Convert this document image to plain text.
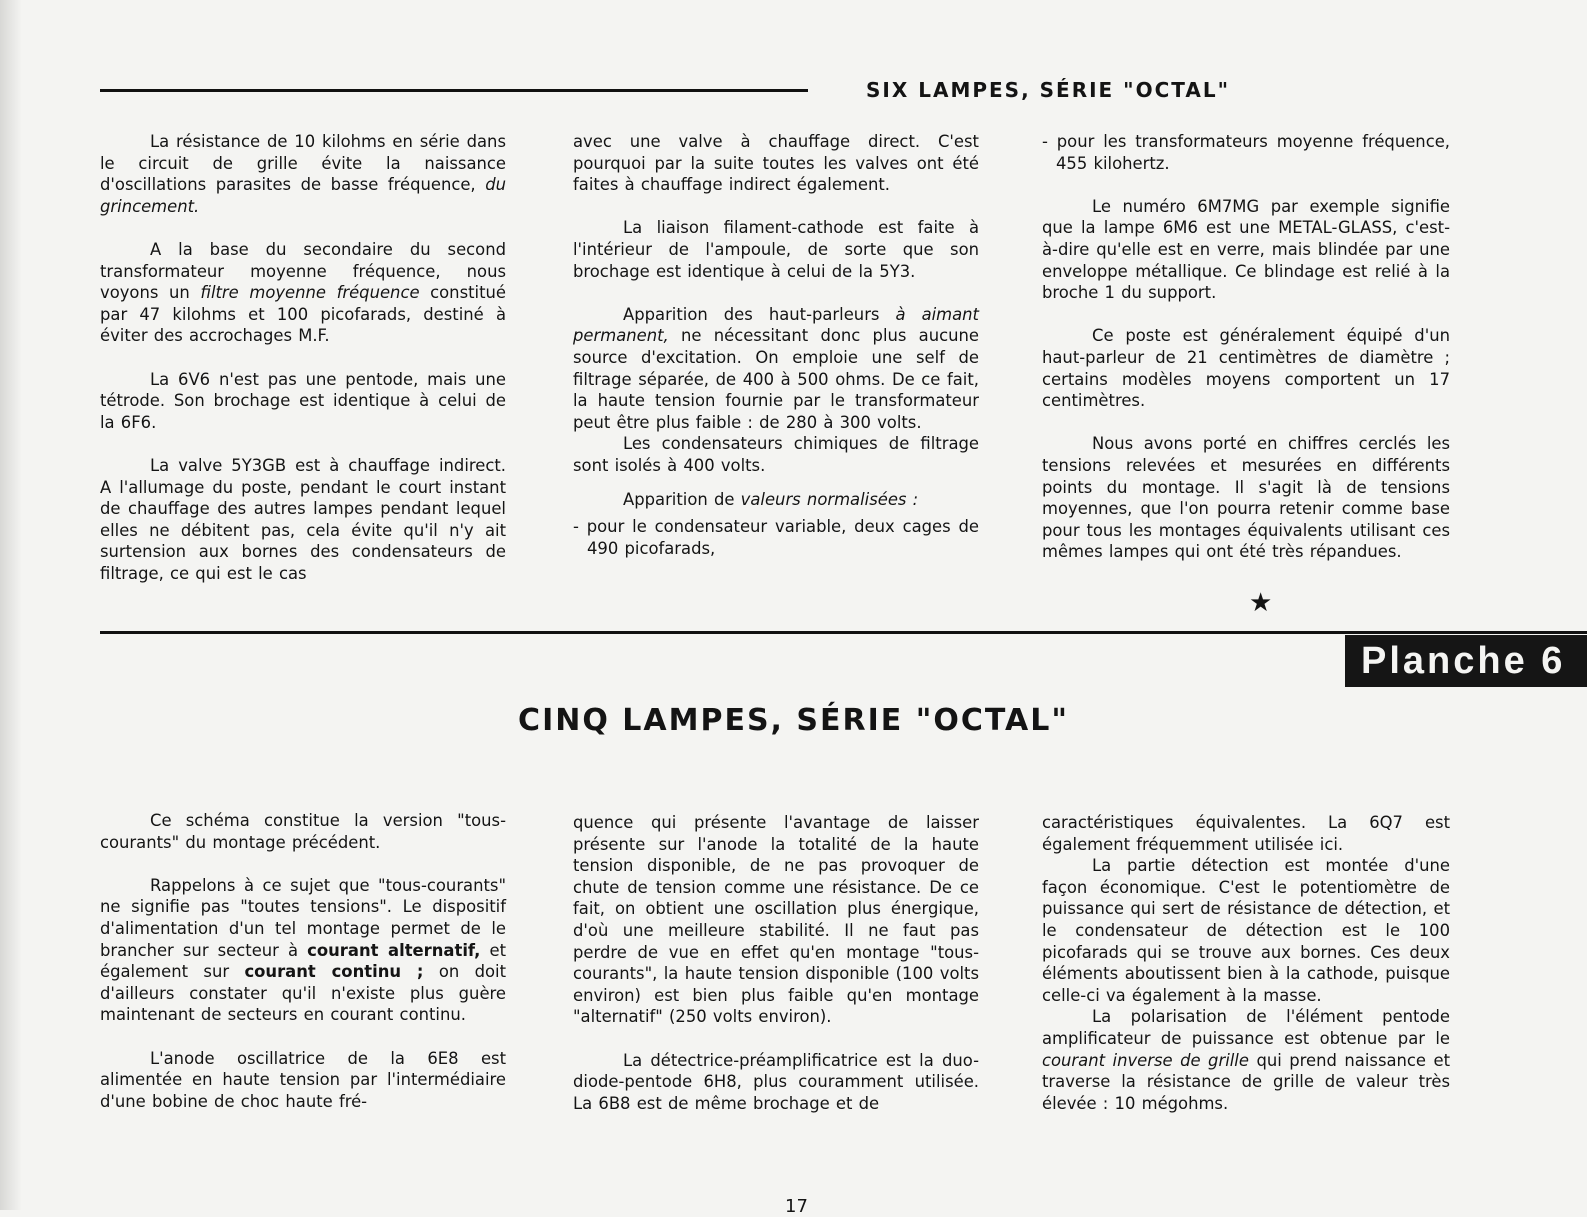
SIX LAMPES, SÉRIE "OCTAL"

La résistance de 10 kilohms en série dans le circuit de grille évite la naissance d'oscillations parasites de basse fréquence, du grincement.

A la base du secondaire du second transformateur moyenne fréquence, nous voyons un filtre moyenne fréquence constitué par 47 kilohms et 100 picofarads, destiné à éviter des accrochages M.F.

La 6V6 n'est pas une pentode, mais une tétrode. Son brochage est identique à celui de la 6F6.

La valve 5Y3GB est à chauffage indirect. A l'allumage du poste, pendant le court instant de chauffage des autres lampes pendant lequel elles ne débitent pas, cela évite qu'il n'y ait surtension aux bornes des condensateurs de filtrage, ce qui est le cas

avec une valve à chauffage direct. C'est pourquoi par la suite toutes les valves ont été faites à chauffage indirect également.

La liaison filament-cathode est faite à l'intérieur de l'ampoule, de sorte que son brochage est identique à celui de la 5Y3.

Apparition des haut-parleurs à aimant permanent, ne nécessitant donc plus aucune source d'excitation. On emploie une self de filtrage séparée, de 400 à 500 ohms. De ce fait, la haute tension fournie par le transformateur peut être plus faible : de 280 à 300 volts.

Les condensateurs chimiques de filtrage sont isolés à 400 volts.

Apparition de valeurs normalisées :

- pour le condensateur variable, deux cages de 490 picofarads,

- pour les transformateurs moyenne fréquence, 455 kilohertz.

Le numéro 6M7MG par exemple signifie que la lampe 6M6 est une METAL-GLASS, c'est-à-dire qu'elle est en verre, mais blindée par une enveloppe métallique. Ce blindage est relié à la broche 1 du support.

Ce poste est généralement équipé d'un haut-parleur de 21 centimètres de diamètre ; certains modèles moyens comportent un 17 centimètres.

Nous avons porté en chiffres cerclés les tensions relevées et mesurées en différents points du montage. Il s'agit là de tensions moyennes, que l'on pourra retenir comme base pour tous les montages équivalents utilisant ces mêmes lampes qui ont été très répandues.

★
Planche 6
CINQ LAMPES, SÉRIE "OCTAL"

Ce schéma constitue la version "tous-courants" du montage précédent.

Rappelons à ce sujet que "tous-courants" ne signifie pas "toutes tensions". Le dispositif d'alimentation d'un tel montage permet de le brancher sur secteur à courant alternatif, et également sur courant continu ; on doit d'ailleurs constater qu'il n'existe plus guère maintenant de secteurs en courant continu.

L'anode oscillatrice de la 6E8 est alimentée en haute tension par l'intermédiaire d'une bobine de choc haute fré-

quence qui présente l'avantage de laisser présente sur l'anode la totalité de la haute tension disponible, de ne pas provoquer de chute de tension comme une résistance. De ce fait, on obtient une oscillation plus énergique, d'où une meilleure stabilité. Il ne faut pas perdre de vue en effet qu'en montage "tous-courants", la haute tension disponible (100 volts environ) est bien plus faible qu'en montage "alternatif" (250 volts environ).

La détectrice-préamplificatrice est la duo-diode-pentode 6H8, plus couramment utilisée. La 6B8 est de même brochage et de

caractéristiques équivalentes. La 6Q7 est également fréquemment utilisée ici.

La partie détection est montée d'une façon économique. C'est le potentiomètre de puissance qui sert de résistance de détection, et le condensateur de détection est le 100 picofarads qui se trouve aux bornes. Ces deux éléments aboutissent bien à la cathode, puisque celle-ci va également à la masse.

La polarisation de l'élément pentode amplificateur de puissance est obtenue par le courant inverse de grille qui prend naissance et traverse la résistance de grille de valeur très élevée : 10 mégohms.

17
